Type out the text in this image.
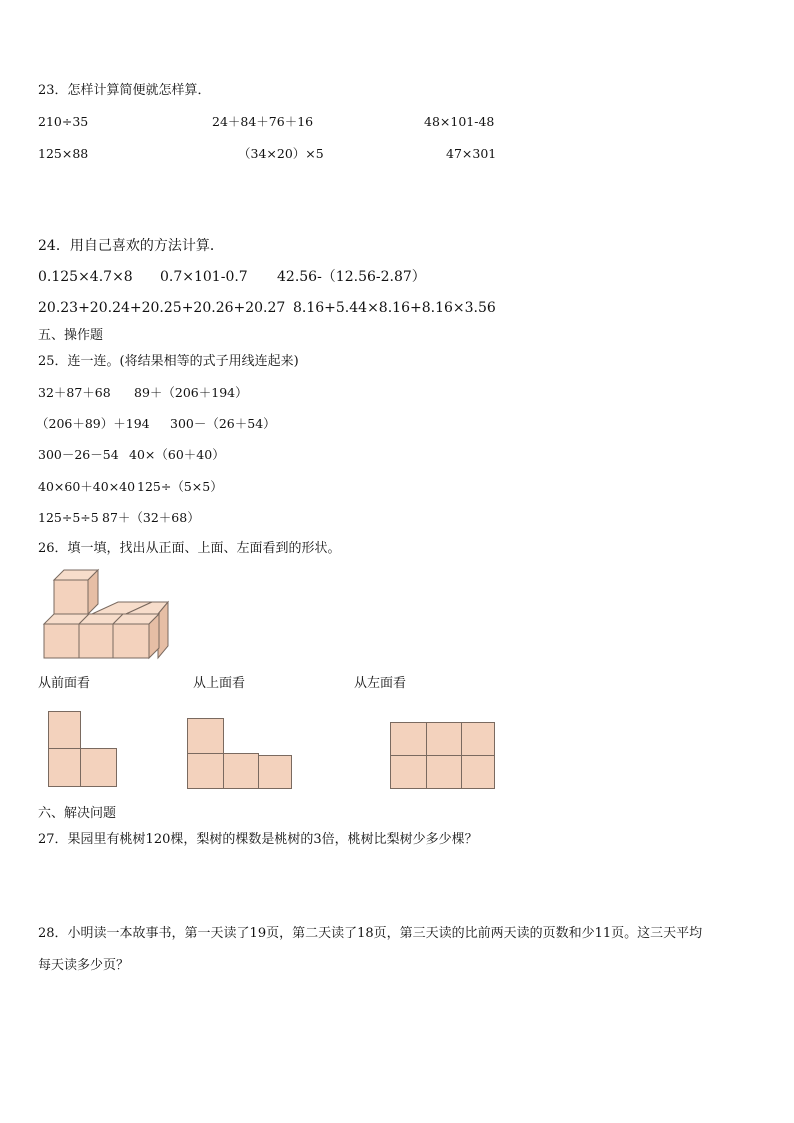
23．怎样计算简便就怎样算．
210÷35	24＋84＋76＋16	48×101-48
125×88	（34×20）×5	47×301
24．用自己喜欢的方法计算．
0.125×4.7×8 0.7×101-0.7 42.56-（12.56-2.87）
20.23+20.24+20.25+20.26+20.27 8.16+5.44×8.16+8.16×3.56
五、操作题
25．连一连。(将结果相等的式子用线连起来)
32＋87＋68 89＋（206＋194）
（206＋89）＋194 300－（26＋54）
300－26－54 40×（60＋40）
40×60＋40×40 125÷（5×5）
125÷5÷5 87＋（32＋68）
26．填一填，找出从正面、上面、左面看到的形状。
从前面看	从上面看	从左面看
六、解决问题
27．果园里有桃树120棵，梨树的棵数是桃树的3倍，桃树比梨树少多少棵？
28．小明读一本故事书，第一天读了19页，第二天读了18页，第三天读的比前两天读的页数和少11页。这三天平均
每天读多少页？
